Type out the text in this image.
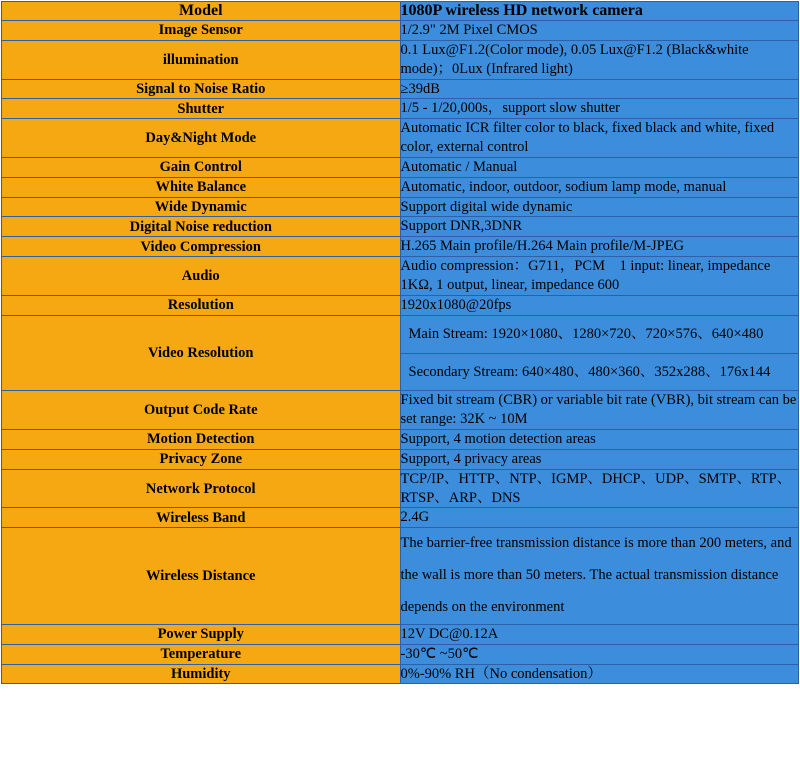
Model	1080P wireless HD network camera
Image Sensor	1/2.9" 2M Pixel CMOS
illumination	0.1 Lux@F1.2(Color mode), 0.05 Lux@F1.2 (Black&white mode)；0Lux (Infrared light)
Signal to Noise Ratio	≥39dB
Shutter	1/5 - 1/20,000s，support slow shutter
Day&Night Mode	Automatic ICR filter color to black, fixed black and white, fixed color, external control
Gain Control	Automatic / Manual
White Balance	Automatic, indoor, outdoor, sodium lamp mode, manual
Wide Dynamic	Support digital wide dynamic
Digital Noise reduction	Support DNR,3DNR
Video Compression	H.265 Main profile/H.264 Main profile/M-JPEG
Audio	Audio compression：G711，PCM　1 input: linear, impedance 1KΩ, 1 output, linear, impedance 600
Resolution	1920x1080@20fps
Video Resolution	Main Stream: 1920×1080、1280×720、720×576、640×480
Secondary Stream: 640×480、480×360、352x288、176x144

Output Code Rate	Fixed bit stream (CBR) or variable bit rate (VBR), bit stream can be set range: 32K ~ 10M
Motion Detection	Support, 4 motion detection areas
Privacy Zone	Support, 4 privacy areas
Network Protocol	TCP/IP、HTTP、NTP、IGMP、DHCP、UDP、SMTP、RTP、RTSP、ARP、DNS
Wireless Band	2.4G
Wireless Distance	The barrier-free transmission distance is more than 200 meters, and the wall is more than 50 meters. The actual transmission distance depends on the environment
Power Supply	12V DC@0.12A
Temperature	-30℃ ~50℃
Humidity	0%-90% RH（No condensation）
